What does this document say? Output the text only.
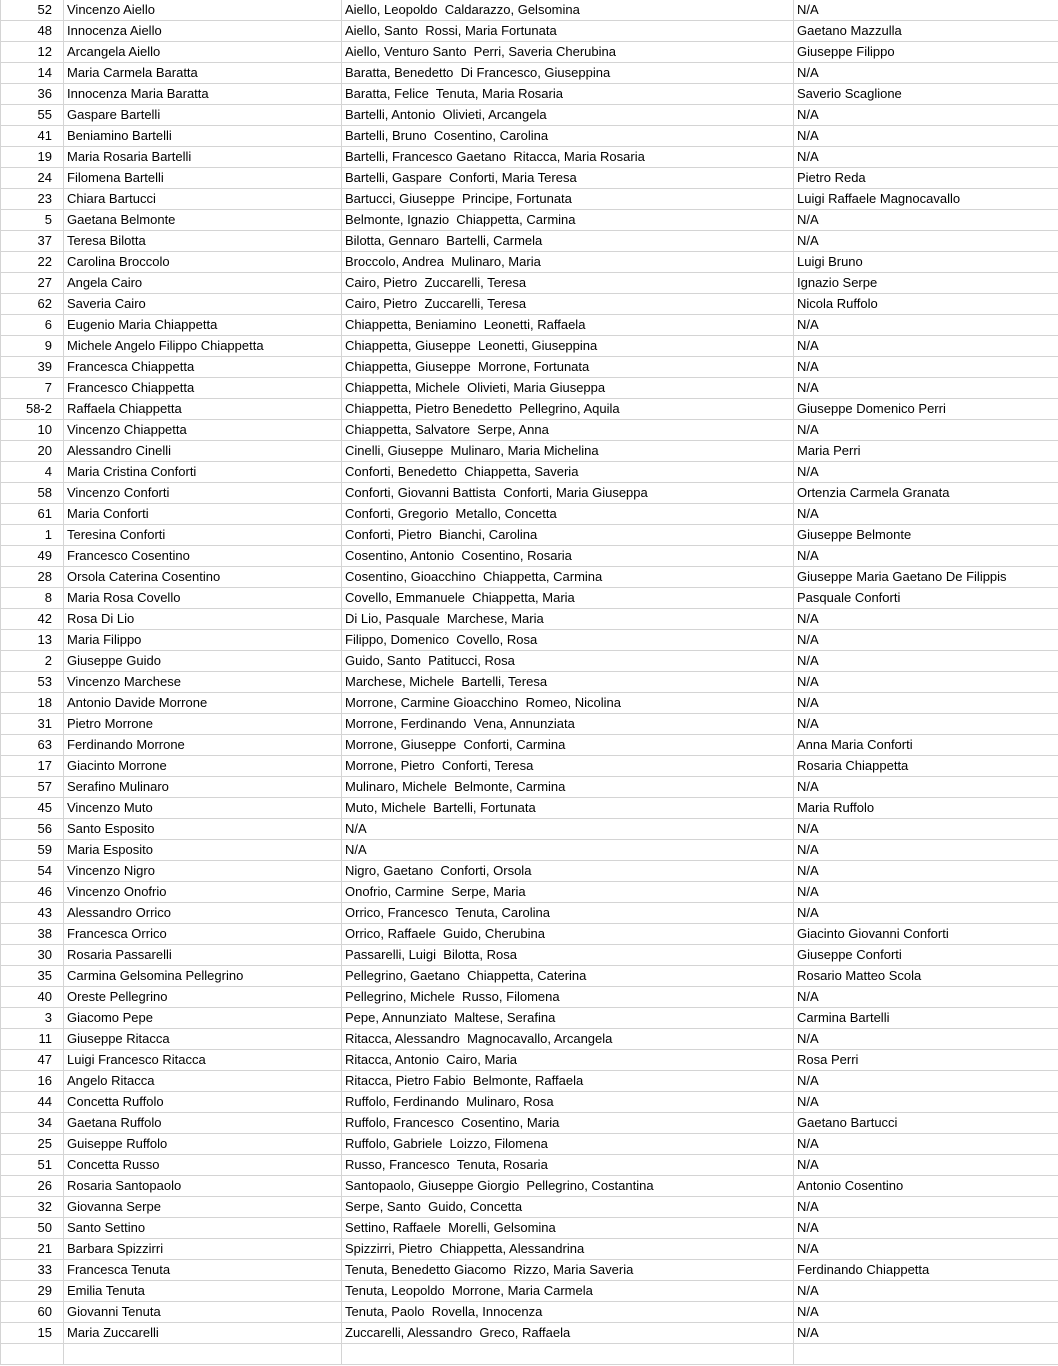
52	Vincenzo Aiello	Aiello, Leopoldo  Caldarazzo, Gelsomina	N/A
48	Innocenza Aiello	Aiello, Santo  Rossi, Maria Fortunata	Gaetano Mazzulla
12	Arcangela Aiello	Aiello, Venturo Santo  Perri, Saveria Cherubina	Giuseppe Filippo
14	Maria Carmela Baratta	Baratta, Benedetto  Di Francesco, Giuseppina	N/A
36	Innocenza Maria Baratta	Baratta, Felice  Tenuta, Maria Rosaria	Saverio Scaglione
55	Gaspare Bartelli	Bartelli, Antonio  Olivieti, Arcangela	N/A
41	Beniamino Bartelli	Bartelli, Bruno  Cosentino, Carolina	N/A
19	Maria Rosaria Bartelli	Bartelli, Francesco Gaetano  Ritacca, Maria Rosaria	N/A
24	Filomena Bartelli	Bartelli, Gaspare  Conforti, Maria Teresa	Pietro Reda
23	Chiara Bartucci	Bartucci, Giuseppe  Principe, Fortunata	Luigi Raffaele Magnocavallo
5	Gaetana Belmonte	Belmonte, Ignazio  Chiappetta, Carmina	N/A
37	Teresa Bilotta	Bilotta, Gennaro  Bartelli, Carmela	N/A
22	Carolina Broccolo	Broccolo, Andrea  Mulinaro, Maria	Luigi Bruno
27	Angela Cairo	Cairo, Pietro  Zuccarelli, Teresa	Ignazio Serpe
62	Saveria Cairo	Cairo, Pietro  Zuccarelli, Teresa	Nicola Ruffolo
6	Eugenio Maria Chiappetta	Chiappetta, Beniamino  Leonetti, Raffaela	N/A
9	Michele Angelo Filippo Chiappetta	Chiappetta, Giuseppe  Leonetti, Giuseppina	N/A
39	Francesca Chiappetta	Chiappetta, Giuseppe  Morrone, Fortunata	N/A
7	Francesco Chiappetta	Chiappetta, Michele  Olivieti, Maria Giuseppa	N/A
58-2	Raffaela Chiappetta	Chiappetta, Pietro Benedetto  Pellegrino, Aquila	Giuseppe Domenico Perri
10	Vincenzo Chiappetta	Chiappetta, Salvatore  Serpe, Anna	N/A
20	Alessandro Cinelli	Cinelli, Giuseppe  Mulinaro, Maria Michelina	Maria Perri
4	Maria Cristina Conforti	Conforti, Benedetto  Chiappetta, Saveria	N/A
58	Vincenzo Conforti	Conforti, Giovanni Battista  Conforti, Maria Giuseppa	Ortenzia Carmela Granata
61	Maria Conforti	Conforti, Gregorio  Metallo, Concetta	N/A
1	Teresina Conforti	Conforti, Pietro  Bianchi, Carolina	Giuseppe Belmonte
49	Francesco Cosentino	Cosentino, Antonio  Cosentino, Rosaria	N/A
28	Orsola Caterina Cosentino	Cosentino, Gioacchino  Chiappetta, Carmina	Giuseppe Maria Gaetano De Filippis
8	Maria Rosa Covello	Covello, Emmanuele  Chiappetta, Maria	Pasquale Conforti
42	Rosa Di Lio	Di Lio, Pasquale  Marchese, Maria	N/A
13	Maria Filippo	Filippo, Domenico  Covello, Rosa	N/A
2	Giuseppe Guido	Guido, Santo  Patitucci, Rosa	N/A
53	Vincenzo Marchese	Marchese, Michele  Bartelli, Teresa	N/A
18	Antonio Davide Morrone	Morrone, Carmine Gioacchino  Romeo, Nicolina	N/A
31	Pietro Morrone	Morrone, Ferdinando  Vena, Annunziata	N/A
63	Ferdinando Morrone	Morrone, Giuseppe  Conforti, Carmina	Anna Maria Conforti
17	Giacinto Morrone	Morrone, Pietro  Conforti, Teresa	Rosaria Chiappetta
57	Serafino Mulinaro	Mulinaro, Michele  Belmonte, Carmina	N/A
45	Vincenzo Muto	Muto, Michele  Bartelli, Fortunata	Maria Ruffolo
56	Santo Esposito	N/A	N/A
59	Maria Esposito	N/A	N/A
54	Vincenzo Nigro	Nigro, Gaetano  Conforti, Orsola	N/A
46	Vincenzo Onofrio	Onofrio, Carmine  Serpe, Maria	N/A
43	Alessandro Orrico	Orrico, Francesco  Tenuta, Carolina	N/A
38	Francesca Orrico	Orrico, Raffaele  Guido, Cherubina	Giacinto Giovanni Conforti
30	Rosaria Passarelli	Passarelli, Luigi  Bilotta, Rosa	Giuseppe Conforti
35	Carmina Gelsomina Pellegrino	Pellegrino, Gaetano  Chiappetta, Caterina	Rosario Matteo Scola
40	Oreste Pellegrino	Pellegrino, Michele  Russo, Filomena	N/A
3	Giacomo Pepe	Pepe, Annunziato  Maltese, Serafina	Carmina Bartelli
11	Giuseppe Ritacca	Ritacca, Alessandro  Magnocavallo, Arcangela	N/A
47	Luigi Francesco Ritacca	Ritacca, Antonio  Cairo, Maria	Rosa Perri
16	Angelo Ritacca	Ritacca, Pietro Fabio  Belmonte, Raffaela	N/A
44	Concetta Ruffolo	Ruffolo, Ferdinando  Mulinaro, Rosa	N/A
34	Gaetana Ruffolo	Ruffolo, Francesco  Cosentino, Maria	Gaetano Bartucci
25	Guiseppe Ruffolo	Ruffolo, Gabriele  Loizzo, Filomena	N/A
51	Concetta Russo	Russo, Francesco  Tenuta, Rosaria	N/A
26	Rosaria Santopaolo	Santopaolo, Giuseppe Giorgio  Pellegrino, Costantina	Antonio Cosentino
32	Giovanna Serpe	Serpe, Santo  Guido, Concetta	N/A
50	Santo Settino	Settino, Raffaele  Morelli, Gelsomina	N/A
21	Barbara Spizzirri	Spizzirri, Pietro  Chiappetta, Alessandrina	N/A
33	Francesca Tenuta	Tenuta, Benedetto Giacomo  Rizzo, Maria Saveria	Ferdinando Chiappetta
29	Emilia Tenuta	Tenuta, Leopoldo  Morrone, Maria Carmela	N/A
60	Giovanni Tenuta	Tenuta, Paolo  Rovella, Innocenza	N/A
15	Maria Zuccarelli	Zuccarelli, Alessandro  Greco, Raffaela	N/A
